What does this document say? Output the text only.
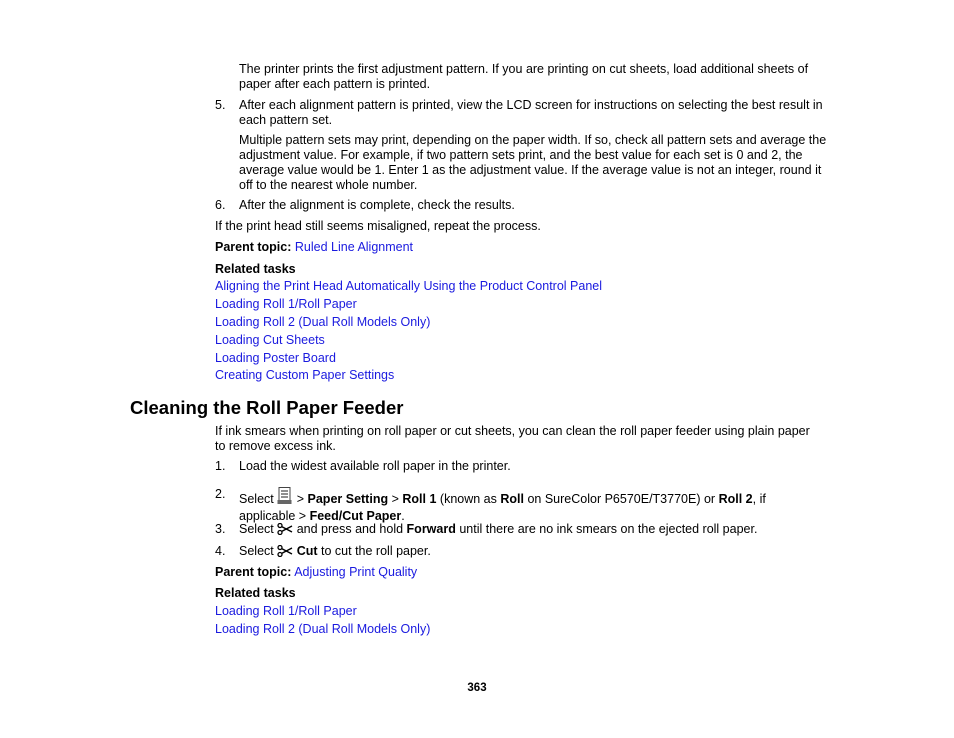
The printer prints the first adjustment pattern. If you are printing on cut sheets, load additional sheets of paper after each pattern is printed.
5. After each alignment pattern is printed, view the LCD screen for instructions on selecting the best result in each pattern set.
Multiple pattern sets may print, depending on the paper width. If so, check all pattern sets and average the adjustment value. For example, if two pattern sets print, and the best value for each set is 0 and 2, the average value would be 1. Enter 1 as the adjustment value. If the average value is not an integer, round it off to the nearest whole number.
6. After the alignment is complete, check the results.
If the print head still seems misaligned, repeat the process.
Parent topic: Ruled Line Alignment
Related tasks
Aligning the Print Head Automatically Using the Product Control Panel
Loading Roll 1/Roll Paper
Loading Roll 2 (Dual Roll Models Only)
Loading Cut Sheets
Loading Poster Board
Creating Custom Paper Settings
Cleaning the Roll Paper Feeder
If ink smears when printing on roll paper or cut sheets, you can clean the roll paper feeder using plain paper to remove excess ink.
1. Load the widest available roll paper in the printer.
2. Select > Paper Setting > Roll 1 (known as Roll on SureColor P6570E/T3770E) or Roll 2, if
applicable > Feed/Cut Paper.
3. Select and press and hold Forward until there are no ink smears on the ejected roll paper.
4. Select Cut to cut the roll paper.
Parent topic: Adjusting Print Quality
Related tasks
Loading Roll 1/Roll Paper
Loading Roll 2 (Dual Roll Models Only)
363
